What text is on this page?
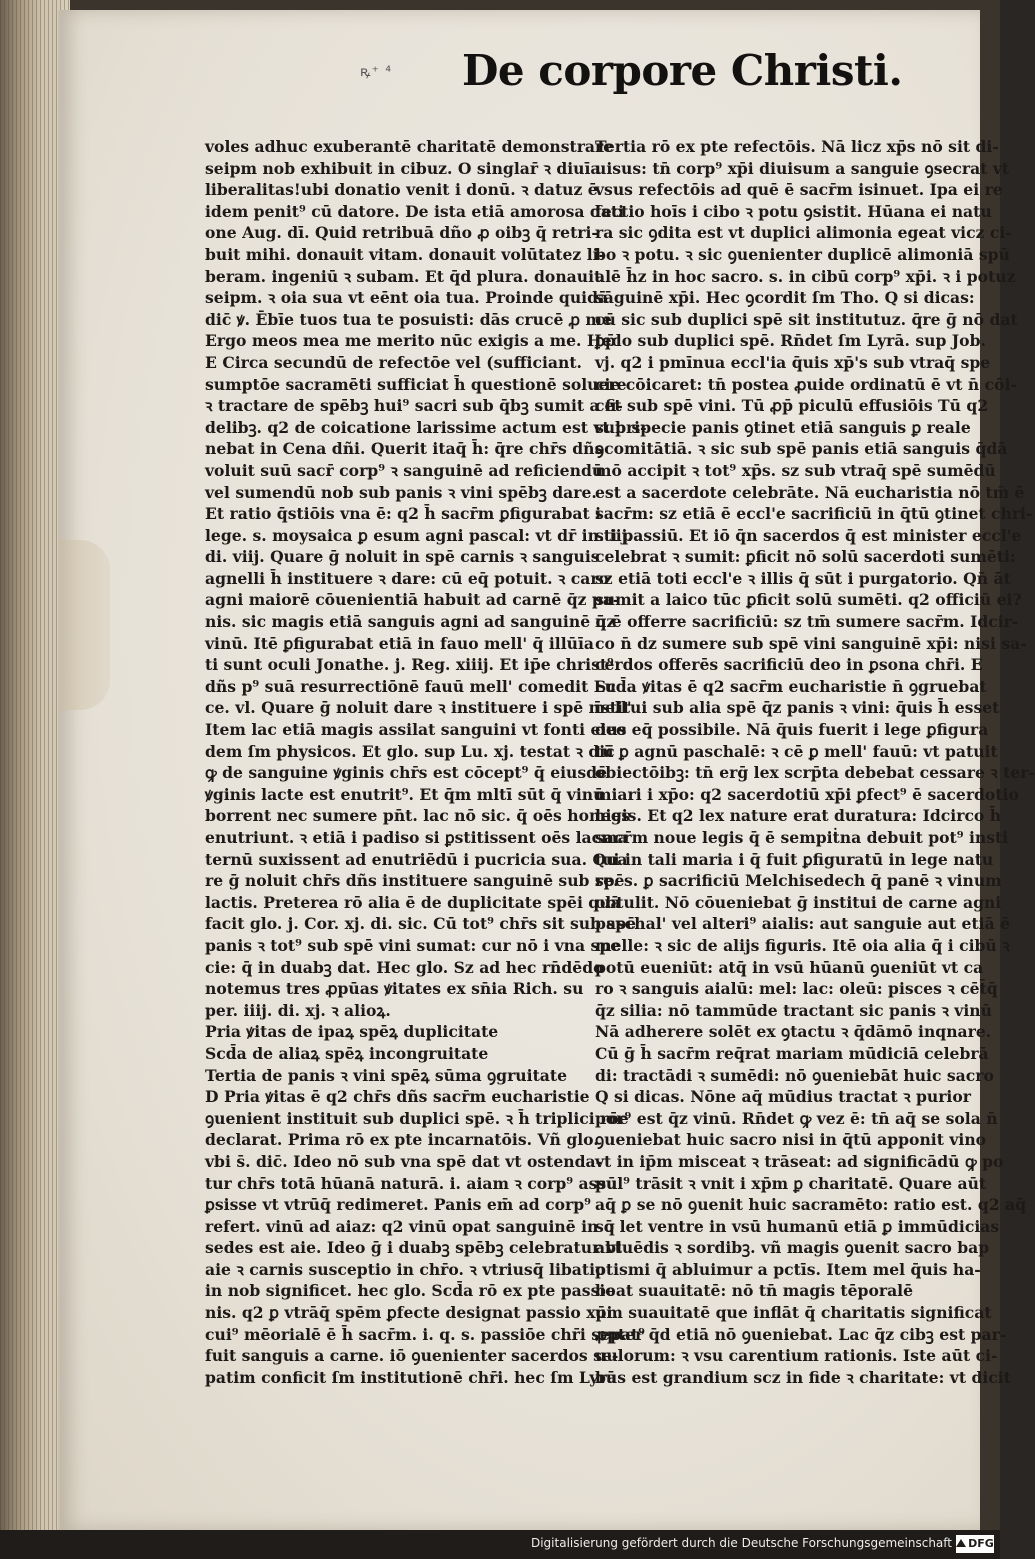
ꝶ⁺ ⁴ De corpore Christi.

voles adhuc exuberantē charitatē demonstrare

seipm nob exhibuit in cibuz. O singlar̄ ꝛ diuīa

liberalitas!ubi donatio venit i donū. ꝛ datuz ē

idem penit⁹ cū datore. De ista etiā amorosa dati

one Aug. dī. Quid retribuā dño ꝓ oibꝫ q̄ retri-

buit mihi. donauit vitam. donauit volūtatez li-

beram. ingeniū ꝛ subam. Et q̄d plura. donauit

seipm. ꝛ oia sua vt eēnt oia tua. Proinde quidā

dic̄ ꝟ. Ēbīe tuos tua te posuisti: dās crucē ꝓ me

Ergo meos mea me merito nūc exigis a me. Hec

E Circa secundū de refectōe vel (sufficiant.

sumptōe sacramēti sufficiat h̄ questionē soluere

ꝛ tractare de spēbꝫ hui⁹ sacri sub q̄bꝫ sumit a fi-

delibꝫ. q2 de coicatione larissime actum est vt pri-

nebat in Cena dñi. Querit itaq̄ h̄: q̄re chr̄s dñs

voluit suū sacr̄ corp⁹ ꝛ sanguinē ad reficiendū

vel sumendū nob sub panis ꝛ vini spēbꝫ dare.

Et ratio q̄stiōis vna ē: q2 h̄ sacr̄m ꝑfigurabat i

lege. s. moysaica ꝑ esum agni pascal: vt dr̄ in. iij.

di. viij. Quare ḡ noluit in spē carnis ꝛ sanguis

agnelli h̄ instituere ꝛ dare: cū eq̄ potuit. ꝛ caro

agni maiorē cōuenientiā habuit ad carnē q̄z pa-

nis. sic magis etiā sanguis agni ad sanguinē q̄z

vinū. Itē ꝑfigurabat etiā in fauo mell' q̄ illūīa

ti sunt oculi Jonathe. j. Reg. xiiij. Et ip̄e christ⁹

dñs p⁹ suā resurrectiōnē fauū mell' comedit Lu

ce. vl. Quare ḡ noluit dare ꝛ instituere i spē mell'

Item lac etiā magis assilat sanguini vt fonti eius

dem ſm physicos. Et glo. sup Lu. xj. testat ꝛ dic̄

ꝙ de sanguine ꝟginis chr̄s est cōcept⁹ q̄ eiusdē

ꝟginis lacte est enutrit⁹. Et q̄m mltī sūt q̄ vinū

borrent nec sumere pn̄t. lac nō sic. q̄ oēs homies

enutriunt. ꝛ etiā i padiso si ꝑstitissent oēs lacma

ternū suxissent ad enutriēdū i pucricia sua. Qua

re ḡ noluit chr̄s dñs instituere sanguinē sub spē

lactis. Preterea rō alia ē de duplicitate spēi quā

facit glo. j. Cor. xj. di. sic. Cū tot⁹ chr̄s sit sub spē

panis ꝛ tot⁹ sub spē vini sumat: cur nō i vna spe

cie: q̄ in duabꝫ dat. Hec glo. Sz ad hec rn̄dēdo

notemus tres ꝓpūas ꝟitates ex sn̄ia Rich. su

per. iiij. di. xj. ꝛ alioꝝ.

Pria ꝟitas de ipaꝝ spēꝝ duplicitate

Scd̄a de aliaꝝ spēꝝ incongruitate

Tertia de panis ꝛ vini spēꝝ sūma ꝯgruitate

D Pria ꝟitas ē q2 chr̄s dñs sacr̄m eucharistie

ꝯuenient instituit sub duplici spē. ꝛ h̄ triplici rōe

declarat. Prima rō ex pte incarnatōis. Vñ glo.

vbi s̄. dic̄. Ideo nō sub vna spē dat vt ostenda-

tur chr̄s totā hūanā naturā. i. aiam ꝛ corp⁹ assū

ꝑsisse vt vtrūq̄ redimeret. Panis em̄ ad corp⁹

refert. vinū ad aiaz: q2 vinū opat sanguinē in q̄

sedes est aie. Ideo ḡ i duabꝫ spēbꝫ celebratur vt

aie ꝛ carnis susceptio in chr̄o. ꝛ vtriusq̄ libatio

in nob significet. hec glo. Scd̄a rō ex pte passio

nis. q2 ꝑ vtrāq̄ spēm ꝑfecte designat passio xp̄i.

cui⁹ mēorialē ē h̄ sacr̄m. i. q. s. passiōe chr̄i sepat⁹

fuit sanguis a carne. iō ꝯuenienter sacerdos se-

patim conficit ſm institutionē chr̄i. hec ſm Lyrā

Tertia rō ex pte refectōis. Nā licz xp̄s nō sit di-

uisus: tn̄ corp⁹ xp̄i diuisum a sanguie ꝯsecrat vt

vsus refectōis ad quē ē sacr̄m isinuet. Ipa ei re

fectio hoīs i cibo ꝛ potu ꝯsistit. Hūana ei natu

ra sic ꝯdita est vt duplici alimonia egeat vicz ci-

bo ꝛ potu. ꝛ sic ꝯuenienter duplicē alimoniā spū

alē h̄z in hoc sacro. s. in cibū corp⁹ xp̄i. ꝛ i potuz

sāguinē xp̄i. Hec ꝯcordit ſm Tho. Q si dicas:

cū sic sub duplici spē sit institutuz. q̄re ḡ nō dat

ꝑp̄lo sub duplici spē. Rn̄det ſm Lyrā. sup Job.

vj. q2 i pmīnua eccl'ia q̄uis xp̄'s sub vtraq̄ spe

cie cōicaret: tn̄ postea ꝓuide ordinatū ē vt n̄ cōi-

cet sub spē vini. Tū ꝓp̄ piculū effusiōis Tū q2

sub specie panis ꝯtinet etiā sanguis ꝑ reale

ꝯcomitātiā. ꝛ sic sub spē panis etiā sanguis q̄dā

mō accipit ꝛ tot⁹ xp̄s. sz sub vtraq̄ spē sumēdū

est a sacerdote celebrāte. Nā eucharistia nō tm̄ ē

sacr̄m: sz etiā ē eccl'e sacrificiū in q̄tū ꝯtinet chri-

sti passiū. Et iō q̄n sacerdos q̄ est minister eccl'e

celebrat ꝛ sumit: ꝑficit nō solū sacerdoti sumēti:

sz etiā toti eccl'e ꝛ illis q̄ sūt i purgatorio. Qn̄ āt

sumit a laico tūc ꝑficit solū sumēti. q2 officiū ei?

n̄ ē offerre sacrificiū: sz tm̄ sumere sacr̄m. Idcir-

co n̄ dz sumere sub spē vini sanguinē xp̄i: nisi sa-

cerdos offerēs sacrificiū deo in ꝑsona chr̄i. E

Scd̄a ꝟitas ē q2 sacr̄m eucharistie n̄ ꝯgruebat

īstitui sub alia spē q̄z panis ꝛ vini: q̄uis h̄ esset

deo eq̄ possibile. Nā q̄uis fuerit i lege ꝑfigura

tū ꝑ agnū paschalē: ꝛ cē ꝑ mell' fauū: vt patuit

obiectōibꝫ: tn̄ erḡ lex scrp̄ta debebat cessare ꝛ ter-

miari i xp̄o: q2 sacerdotiū xp̄i ꝑfect⁹ ē sacerdotio

legis. Et q2 lex nature erat duratura: Idcirco h̄

sacr̄m noue legis q̄ ē sempiṫna debuit pot⁹ insti

tui in tali maria i q̄ fuit ꝑfiguratū in lege natu

re. s. ꝑ sacrificiū Melchisedech q̄ panē ꝛ vinum

obtulit. Nō cōueniebat ḡ institui de carne agni

paschal' vel alteri⁹ aialis: aut sanguie aut etiā ē

melle: ꝛ sic de alijs figuris. Itē oia alia q̄ i cibū ꝛ

potū eueniūt: atq̄ in vsū hūanū ꝯueniūt vt ca

ro ꝛ sanguis aialū: mel: lac: oleū: pisces ꝛ cēt̄q̄

q̄z silia: nō tammūde tractant sic panis ꝛ vinū

Nā adherere solēt ex ꝯtactu ꝛ q̄dāmō inqnare.

Cū ḡ h̄ sacr̄m req̄rat mariam mūdiciā celebrā

di: tractādi ꝛ sumēdi: nō ꝯueniebāt huic sacro

Q si dicas. Nōne aq̄ mūdius tractat ꝛ purior

por⁹ est q̄z vinū. Rn̄det ꝙ vez ē: tn̄ aq̄ se sola n̄

ꝯueniebat huic sacro nisi in q̄tū apponit vino

vt in ip̄m misceat ꝛ trāseat: ad significādū ꝙ po

pul⁹ trāsit ꝛ vnit i xp̄m ꝑ charitatē. Quare aūt

aq̄ ꝑ se nō ꝯuenit huic sacramēto: ratio est. q2 aq̄

so let ventre in vsū humanū etiā ꝑ immūdicias

abluēdis ꝛ sordibꝫ. vñ magis ꝯuenit sacro bap

ptismi q̄ abluimur a pctīs. Item mel q̄uis ha-

beat suauitatē: nō tn̄ magis tēporalē

um suauitatē que inflāt q̄ charitatis significat

ꝓpter q̄d etiā nō ꝯueniebat. Lac q̄z cibꝫ est par-

uulorum: ꝛ vsu carentium rationis. Iste aūt ci-

bus est grandium scz in fide ꝛ charitate: vt dicit

Digitalisierung gefördert durch die Deutsche Forschungsgemeinschaft	DFG
